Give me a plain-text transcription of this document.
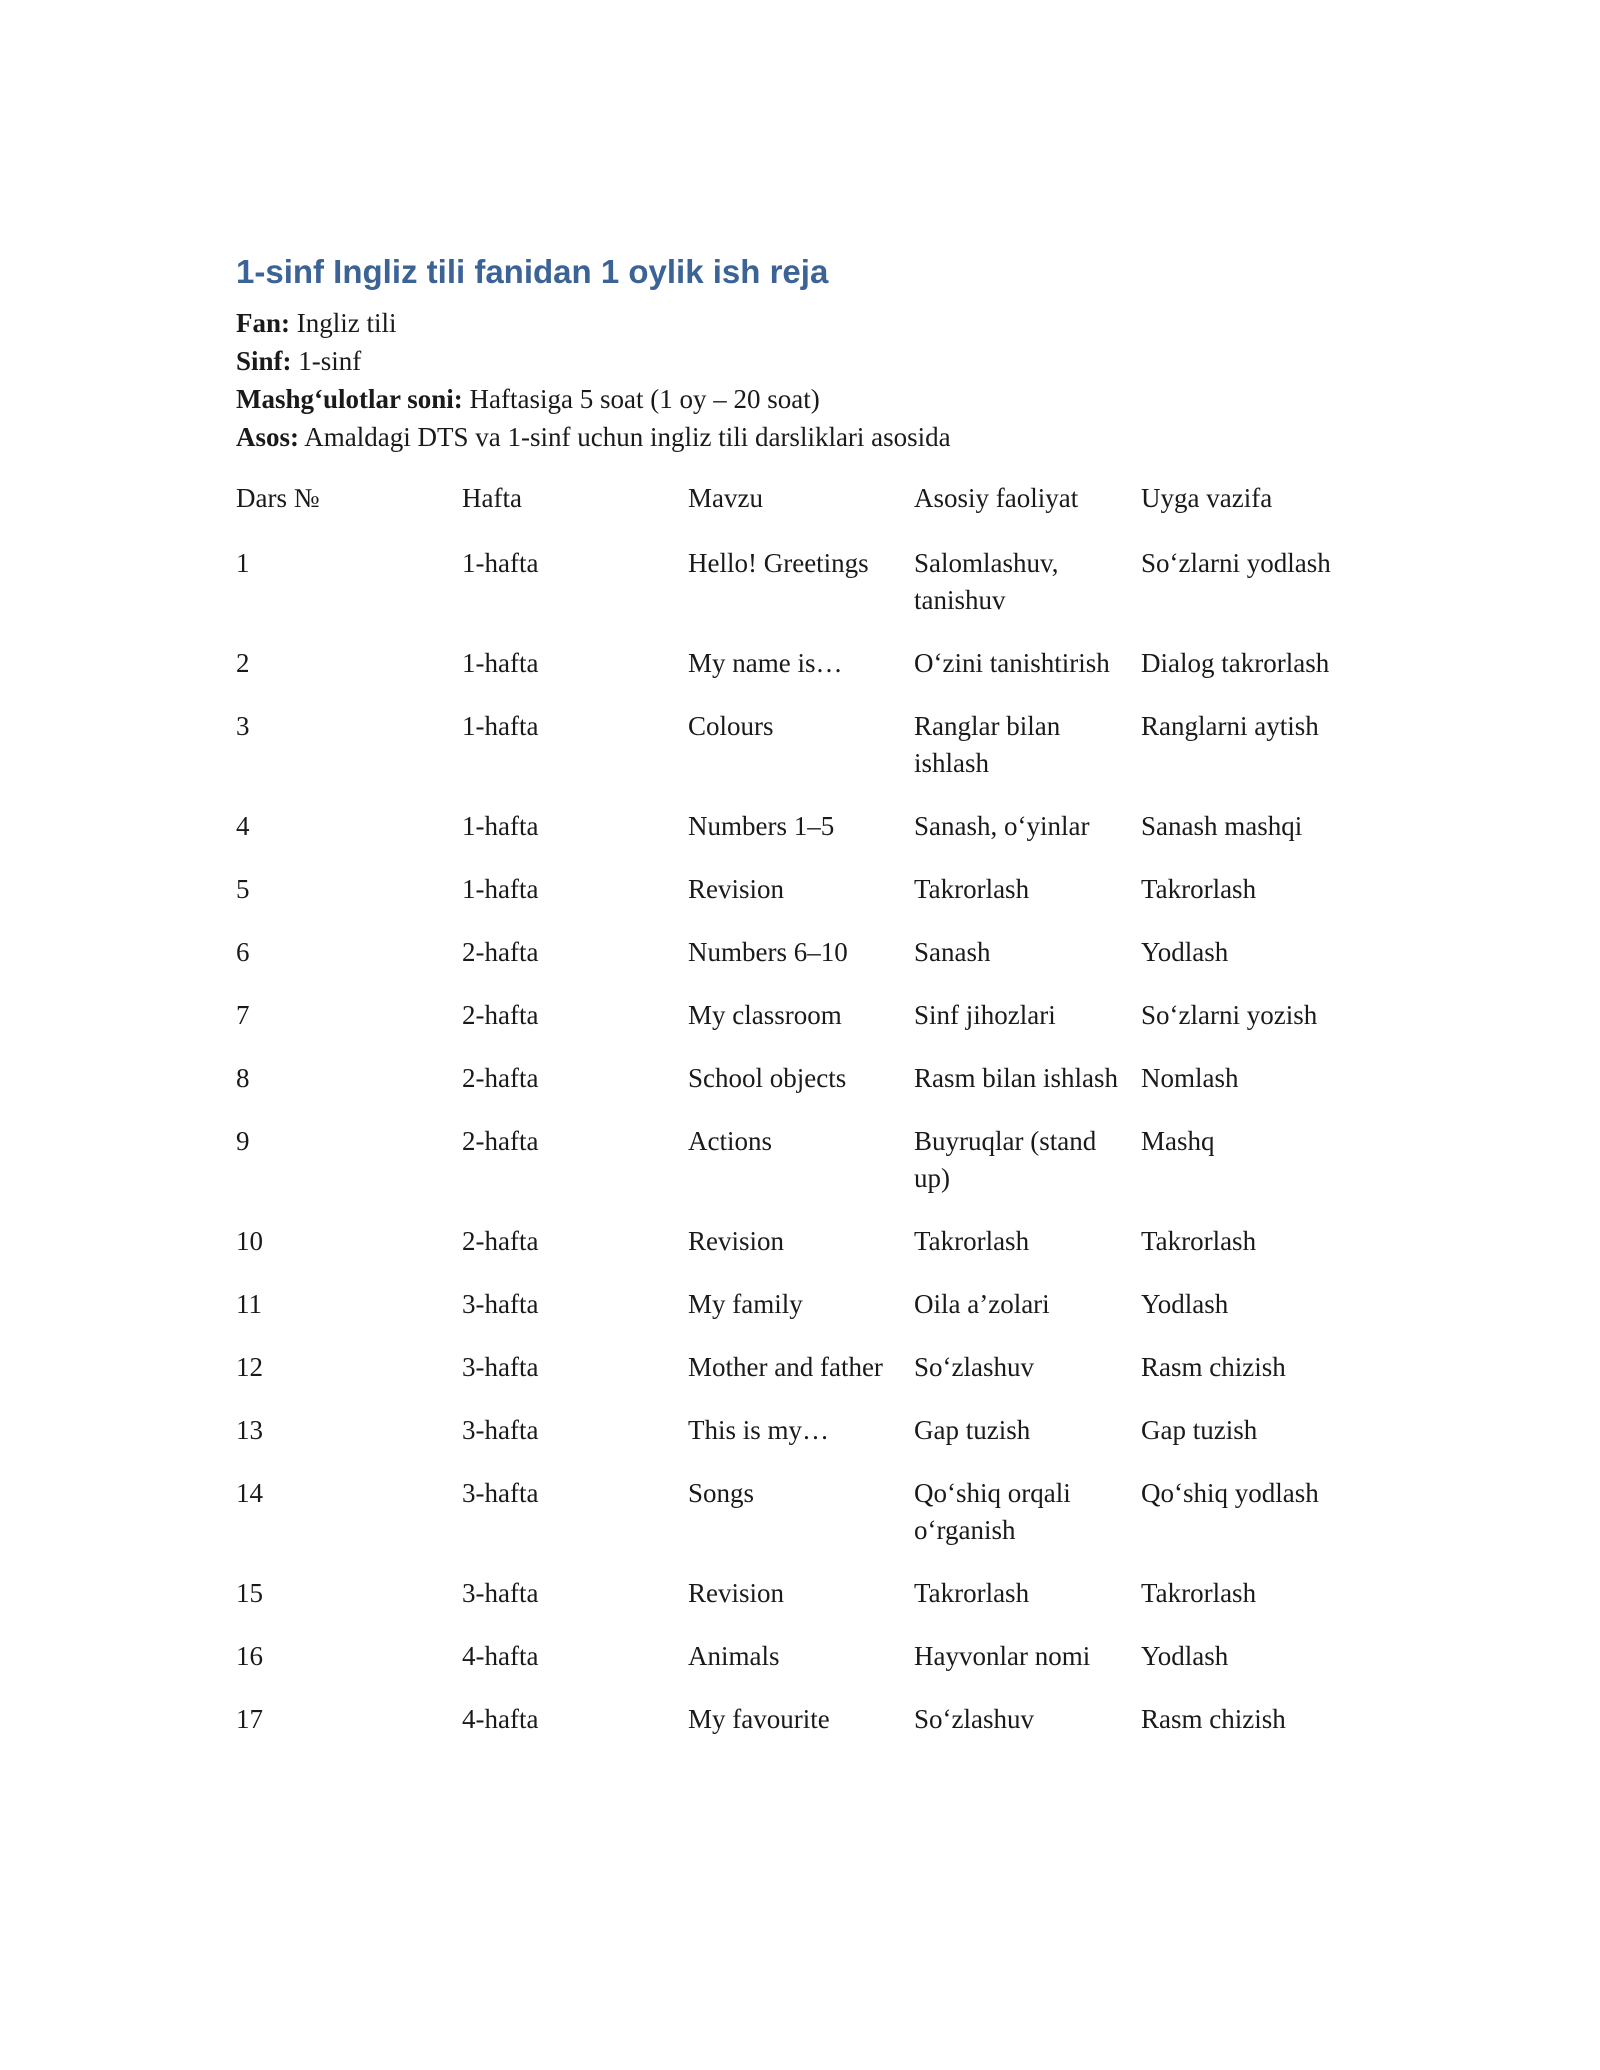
1-sinf Ingliz tili fanidan 1 oylik ish reja

Fan: Ingliz tili

Sinf: 1-sinf

Mashg‘ulotlar soni: Haftasiga 5 soat (1 oy – 20 soat)

Asos: Amaldagi DTS va 1-sinf uchun ingliz tili darsliklari asosida

Dars №	Hafta	Mavzu	Asosiy faoliyat	Uyga vazifa
1	1-hafta	Hello! Greetings	Salomlashuv, tanishuv	So‘zlarni yodlash
2	1-hafta	My name is…	O‘zini tanishtirish	Dialog takrorlash
3	1-hafta	Colours	Ranglar bilan ishlash	Ranglarni aytish
4	1-hafta	Numbers 1–5	Sanash, o‘yinlar	Sanash mashqi
5	1-hafta	Revision	Takrorlash	Takrorlash
6	2-hafta	Numbers 6–10	Sanash	Yodlash
7	2-hafta	My classroom	Sinf jihozlari	So‘zlarni yozish
8	2-hafta	School objects	Rasm bilan ishlash	Nomlash
9	2-hafta	Actions	Buyruqlar (stand up)	Mashq
10	2-hafta	Revision	Takrorlash	Takrorlash
11	3-hafta	My family	Oila a’zolari	Yodlash
12	3-hafta	Mother and father	So‘zlashuv	Rasm chizish
13	3-hafta	This is my…	Gap tuzish	Gap tuzish
14	3-hafta	Songs	Qo‘shiq orqali o‘rganish	Qo‘shiq yodlash
15	3-hafta	Revision	Takrorlash	Takrorlash
16	4-hafta	Animals	Hayvonlar nomi	Yodlash
17	4-hafta	My favourite	So‘zlashuv	Rasm chizish
